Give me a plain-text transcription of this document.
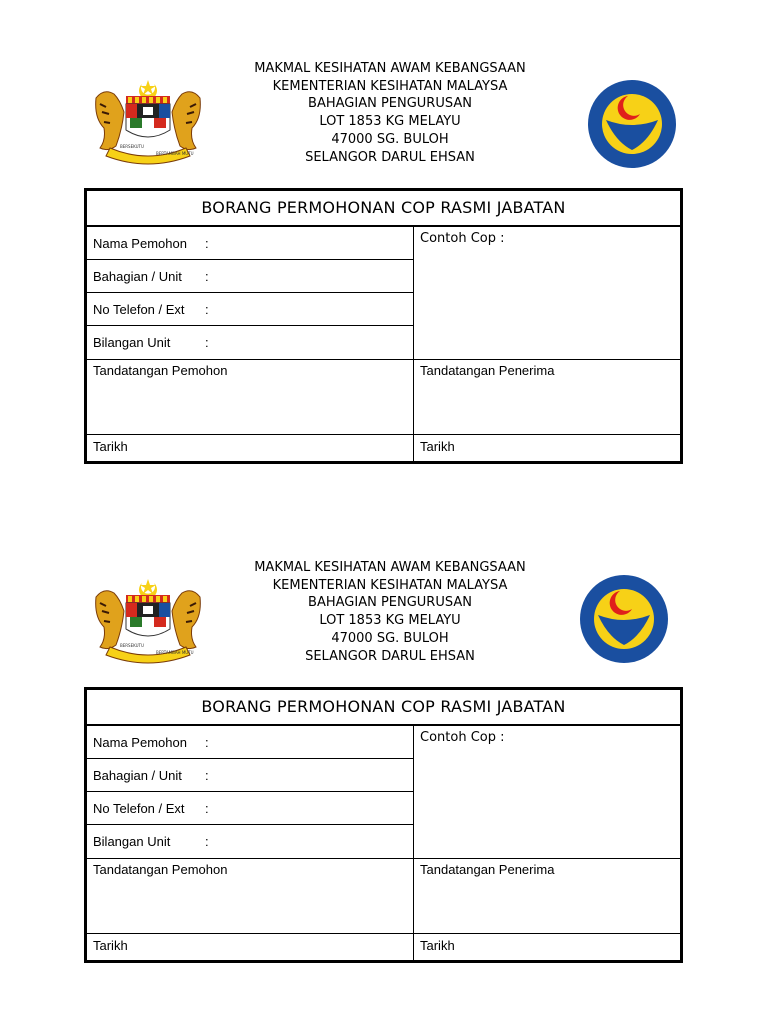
BERSEKUTU
BERTAMBAH MUTU
MAKMAL KESIHATAN AWAM KEBANGSAAN
KEMENTERIAN KESIHATAN MALAYSA
BAHAGIAN PENGURUSAN
LOT 1853 KG MELAYU
47000 SG. BULOH
SELANGOR DARUL EHSAN
BORANG PERMOHONAN COP RASMI JABATAN
Nama Pemohon :
Bahagian / Unit :
No Telefon / Ext :
Bilangan Unit	:
Contoh Cop :
Tandatangan Pemohon	Tandatangan Penerima
Tarikh	Tarikh
BERSEKUTU
BERTAMBAH MUTU
MAKMAL KESIHATAN AWAM KEBANGSAAN
KEMENTERIAN KESIHATAN MALAYSA
BAHAGIAN PENGURUSAN
LOT 1853 KG MELAYU
47000 SG. BULOH
SELANGOR DARUL EHSAN
BORANG PERMOHONAN COP RASMI JABATAN
Nama Pemohon :
Bahagian / Unit :
No Telefon / Ext :
Bilangan Unit	:
Contoh Cop :
Tandatangan Pemohon	Tandatangan Penerima
Tarikh	Tarikh
